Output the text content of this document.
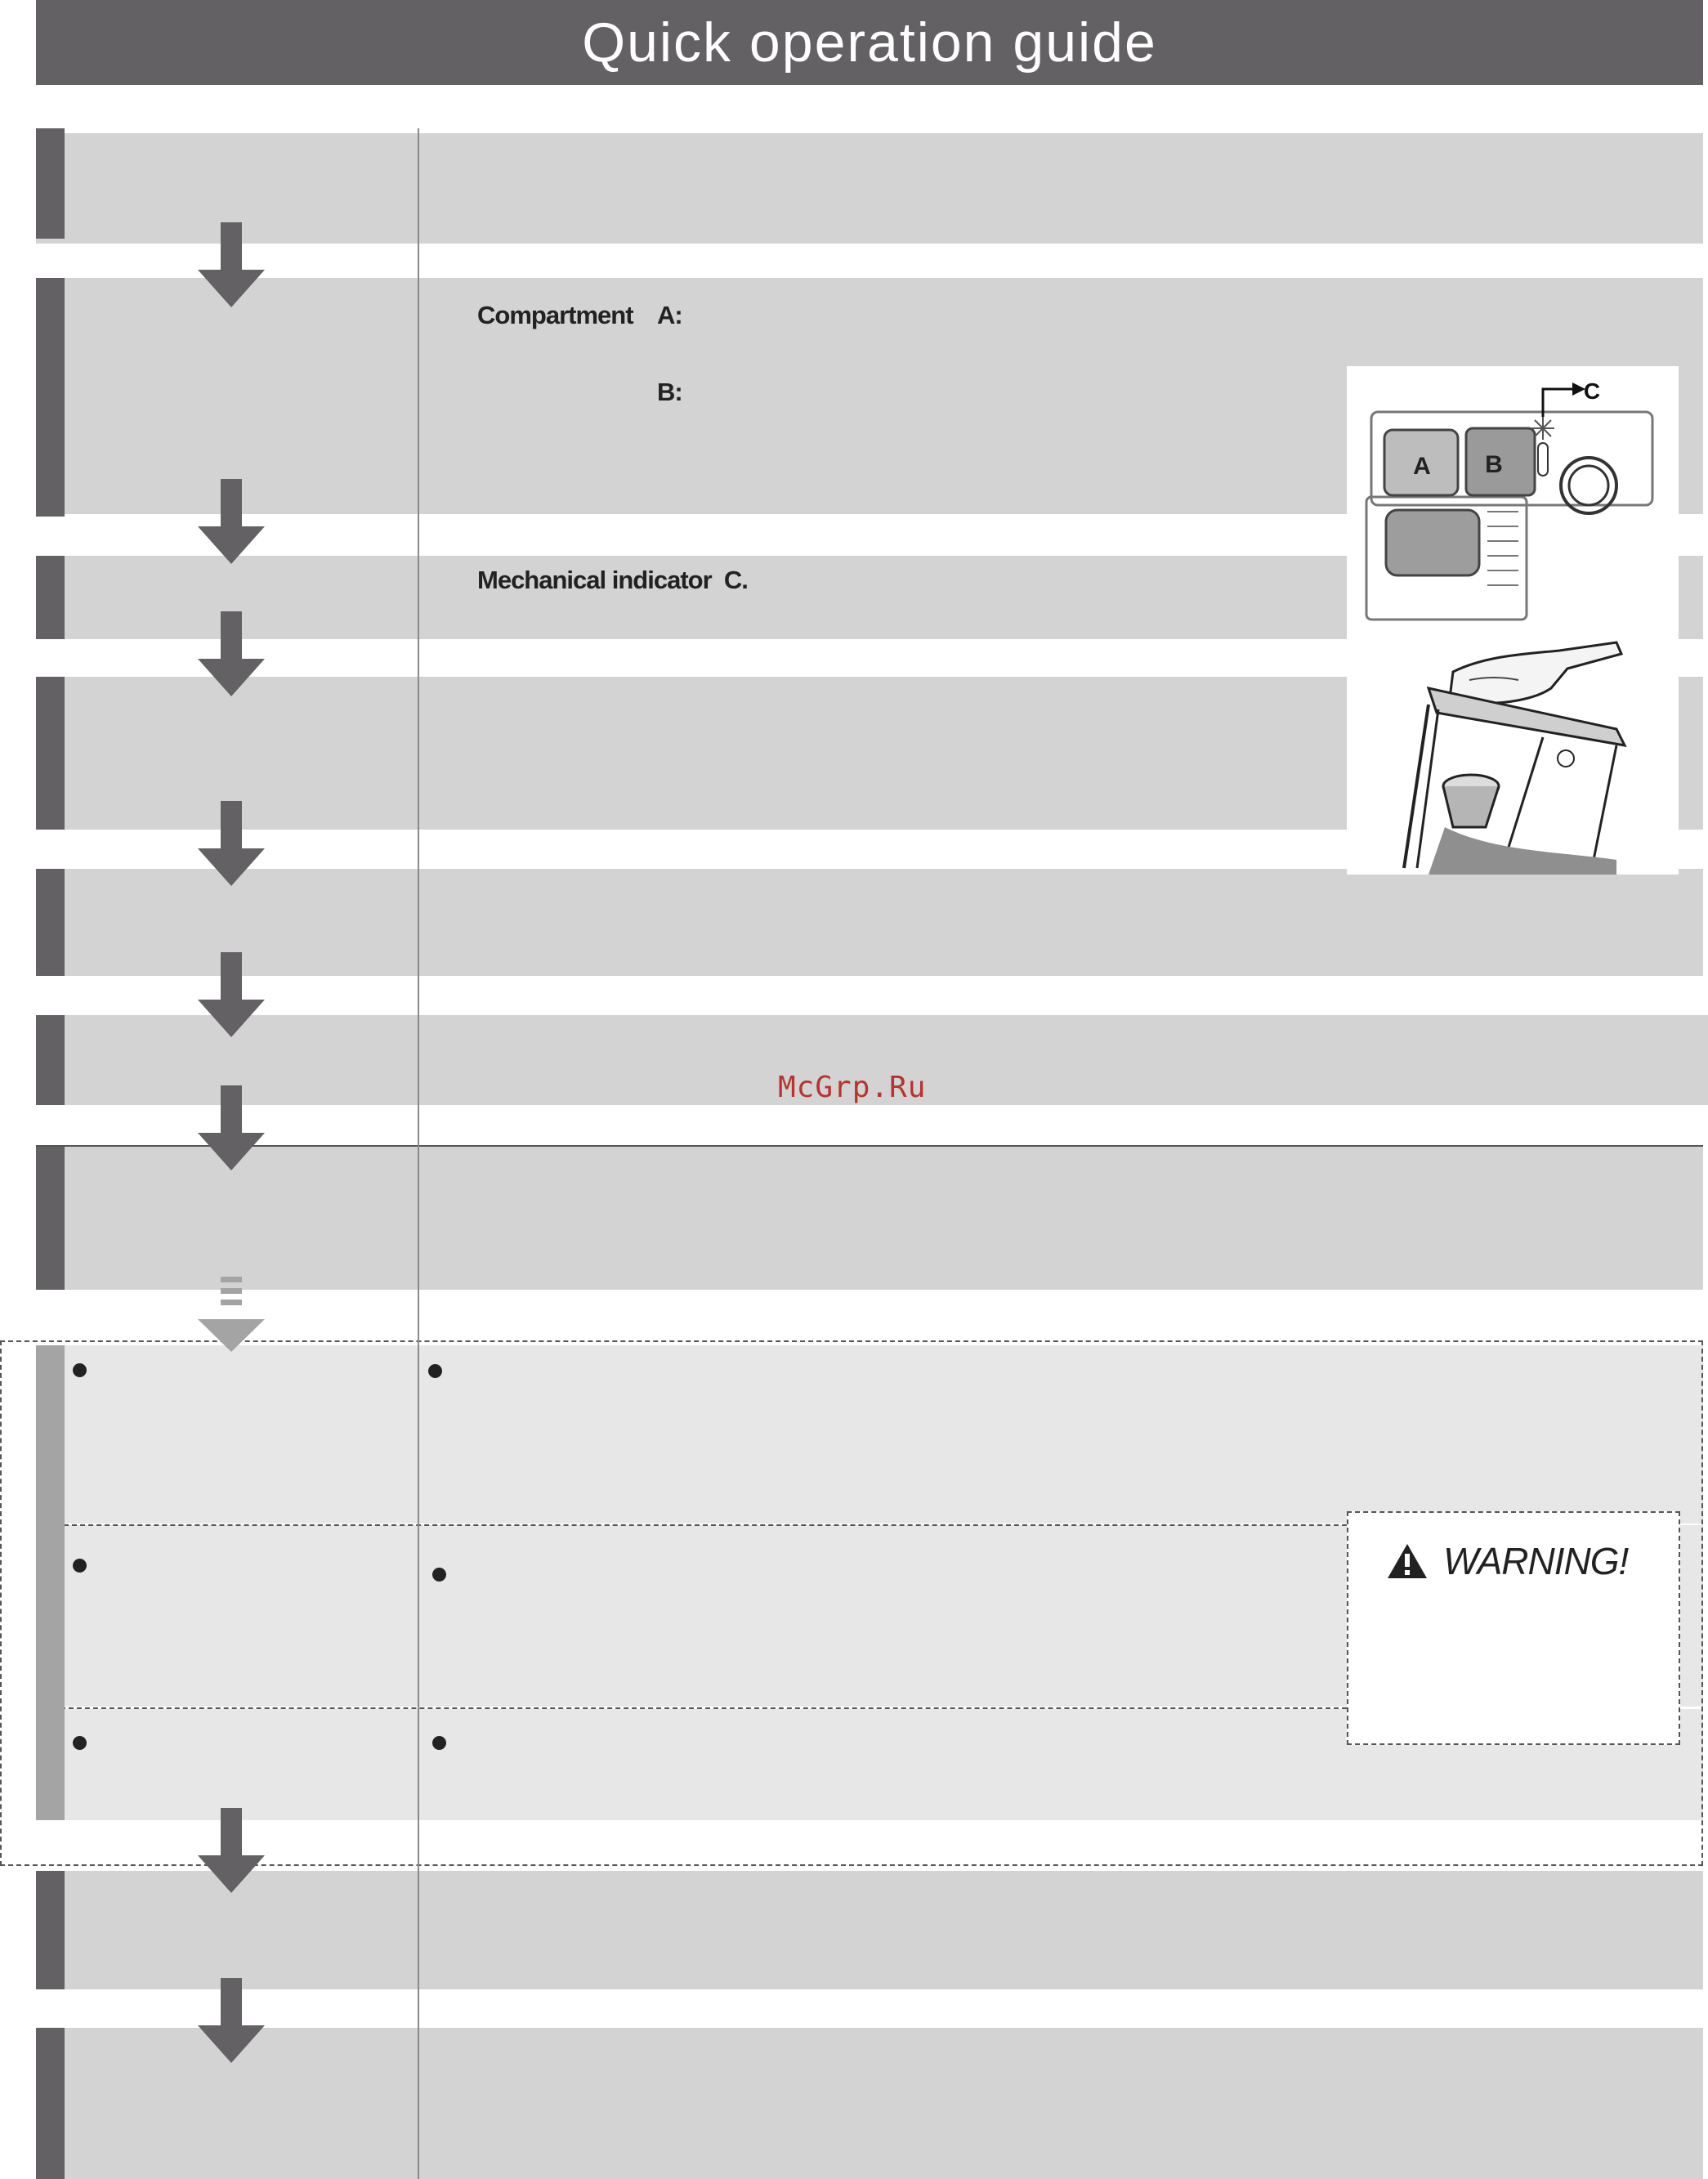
Quick operation guide
Compartment A:
B:
Mechanical indicator C.
A B
C
McGrp.Ru
WARNING!
